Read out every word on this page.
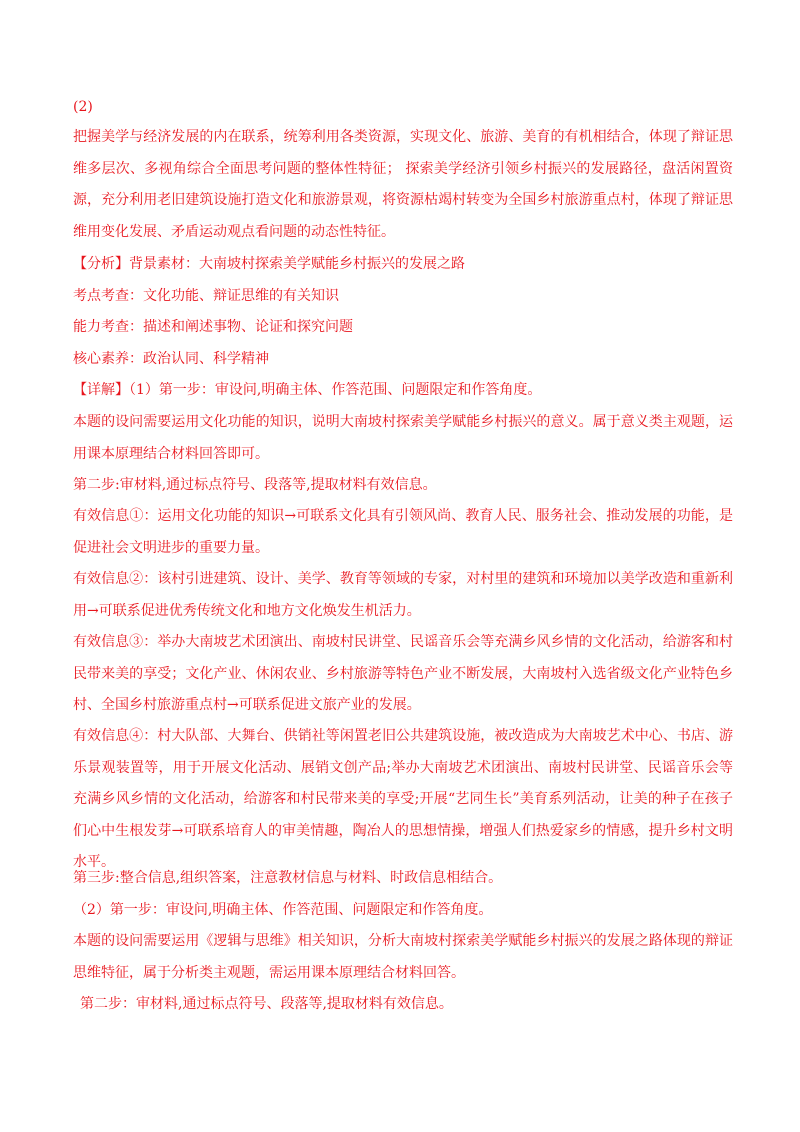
(2)

把握美学与经济发展的内在联系，统筹利用各类资源，实现文化、旅游、美育的有机相结合，体现了辩证思维多层次、多视角综合全面思考问题的整体性特征； 探索美学经济引领乡村振兴的发展路径，盘活闲置资源，充分利用老旧建筑设施打造文化和旅游景观，将资源枯竭村转变为全国乡村旅游重点村，体现了辩证思维用变化发展、矛盾运动观点看问题的动态性特征。

【分析】背景素材：大南坡村探索美学赋能乡村振兴的发展之路

考点考查：文化功能、辩证思维的有关知识

能力考查：描述和阐述事物、论证和探究问题

核心素养：政治认同、科学精神

【详解】（1）第一步：审设问,明确主体、作答范围、问题限定和作答角度。

本题的设问需要运用文化功能的知识，说明大南坡村探索美学赋能乡村振兴的意义。属于意义类主观题，运用课本原理结合材料回答即可。

第二步:审材料,通过标点符号、段落等,提取材料有效信息。

有效信息①：运用文化功能的知识→可联系文化具有引领风尚、教育人民、服务社会、推动发展的功能，是促进社会文明进步的重要力量。

有效信息②：该村引进建筑、设计、美学、教育等领域的专家，对村里的建筑和环境加以美学改造和重新利用→可联系促进优秀传统文化和地方文化焕发生机活力。

有效信息③：举办大南坡艺术团演出、南坡村民讲堂、民谣音乐会等充满乡风乡情的文化活动，给游客和村民带来美的享受；文化产业、休闲农业、乡村旅游等特色产业不断发展，大南坡村入选省级文化产业特色乡村、全国乡村旅游重点村→可联系促进文旅产业的发展。

有效信息④：村大队部、大舞台、供销社等闲置老旧公共建筑设施，被改造成为大南坡艺术中心、书店、游乐景观装置等，用于开展文化活动、展销文创产品;举办大南坡艺术团演出、南坡村民讲堂、民谣音乐会等充满乡风乡情的文化活动，给游客和村民带来美的享受;开展“艺同生长”美育系列活动，让美的种子在孩子们心中生根发芽→可联系培育人的审美情趣，陶冶人的思想情操，增强人们热爱家乡的情感，提升乡村文明水平。

第三步:整合信息,组织答案，注意教材信息与材料、时政信息相结合。

（2）第一步：审设问,明确主体、作答范围、问题限定和作答角度。

本题的设问需要运用《逻辑与思维》相关知识，分析大南坡村探索美学赋能乡村振兴的发展之路体现的辩证思维特征，属于分析类主观题，需运用课本原理结合材料回答。

第二步：审材料,通过标点符号、段落等,提取材料有效信息。
